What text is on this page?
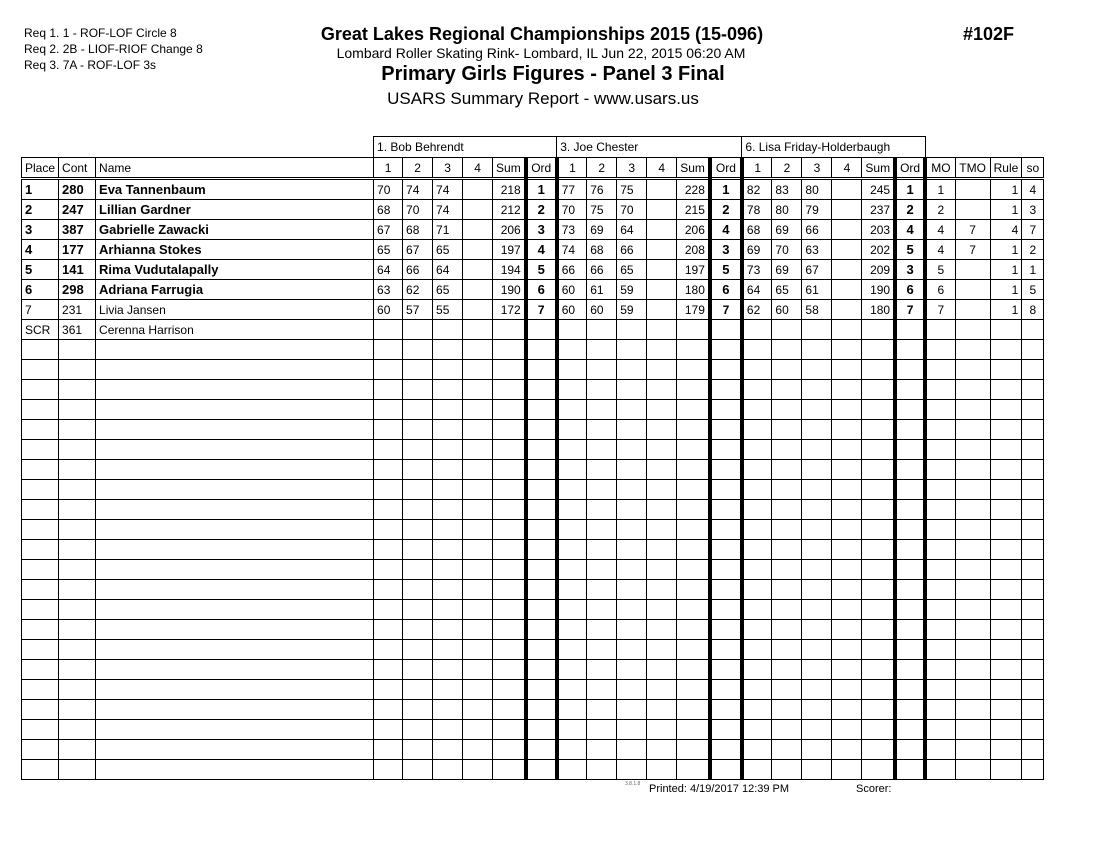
Req 1. 1 - ROF-LOF Circle 8
Req 2. 2B - LIOF-RIOF Change 8
Req 3. 7A - ROF-LOF 3s
Great Lakes Regional Championships 2015 (15-096)
Lombard Roller Skating Rink- Lombard, IL Jun 22, 2015 06:20 AM
Primary Girls Figures - Panel 3 Final
USARS Summary Report - www.usars.us
#102F
			1. Bob Behrendt						3. Joe Chester						6. Lisa Friday-Holderbaugh									
Place	Cont	Name	1	2	3	4	Sum	Ord	1	2	3	4	Sum	Ord	1	2	3	4	Sum	Ord	MO	TMO	Rule	so
1	280	Eva Tannenbaum	70	74	74		218	1	77	76	75		228	1	82	83	80		245	1	1		1	4
2	247	Lillian Gardner	68	70	74		212	2	70	75	70		215	2	78	80	79		237	2	2		1	3
3	387	Gabrielle Zawacki	67	68	71		206	3	73	69	64		206	4	68	69	66		203	4	4	7	4	7
4	177	Arhianna Stokes	65	67	65		197	4	74	68	66		208	3	69	70	63		202	5	4	7	1	2
5	141	Rima Vudutalapally	64	66	64		194	5	66	66	65		197	5	73	69	67		209	3	5		1	1
6	298	Adriana Farrugia	63	62	65		190	6	60	61	59		180	6	64	65	61		190	6	6		1	5
7	231	Livia Jansen	60	57	55		172	7	60	60	59		179	7	62	60	58		180	7	7		1	8
SCR	361	Cerenna Harrison																						

3.8.1.8 Printed: 4/19/2017 12:39 PM	Scorer:
